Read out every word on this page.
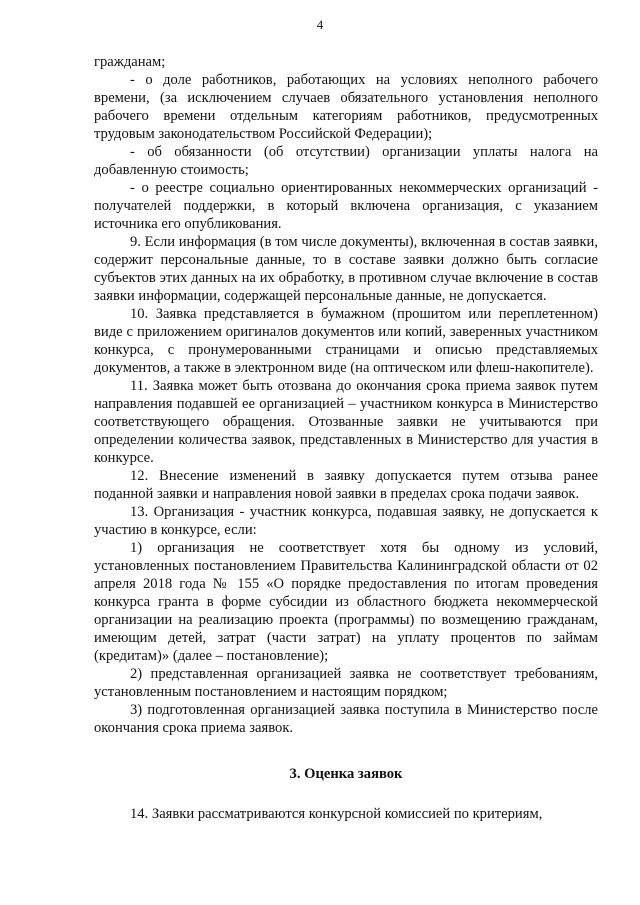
4

гражданам;

- о доле работников, работающих на условиях неполного рабочего времени, (за исключением случаев обязательного установления неполного рабочего времени отдельным категориям работников, предусмотренных трудовым законодательством Российской Федерации);

- об обязанности (об отсутствии) организации уплаты налога на добавленную стоимость;

- о реестре социально ориентированных некоммерческих организаций - получателей поддержки, в который включена организация, с указанием источника его опубликования.

9. Если информация (в том числе документы), включенная в состав заявки, содержит персональные данные, то в составе заявки должно быть согласие субъектов этих данных на их обработку, в противном случае включение в состав заявки информации, содержащей персональные данные, не допускается.

10. Заявка представляется в бумажном (прошитом или переплетенном) виде с приложением оригиналов документов или копий, заверенных участником конкурса, с пронумерованными страницами и описью представляемых документов, а также в электронном виде (на оптическом или флеш-накопителе).

11. Заявка может быть отозвана до окончания срока приема заявок путем направления подавшей ее организацией – участником конкурса в Министерство соответствующего обращения. Отозванные заявки не учитываются при определении количества заявок, представленных в Министерство для участия в конкурсе.

12. Внесение изменений в заявку допускается путем отзыва ранее поданной заявки и направления новой заявки в пределах срока подачи заявок.

13. Организация - участник конкурса, подавшая заявку, не допускается к участию в конкурсе, если:

1) организация не соответствует хотя бы одному из условий, установленных постановлением Правительства Калининградской области от 02 апреля 2018 года № 155 «О порядке предоставления по итогам проведения конкурса гранта в форме субсидии из областного бюджета некоммерческой организации на реализацию проекта (программы) по возмещению гражданам, имеющим детей, затрат (части затрат) на уплату процентов по займам (кредитам)» (далее – постановление);

2) представленная организацией заявка не соответствует требованиям, установленным постановлением и настоящим порядком;

3) подготовленная организацией заявка поступила в Министерство после окончания срока приема заявок.

3. Оценка заявок

14. Заявки рассматриваются конкурсной комиссией по критериям,
